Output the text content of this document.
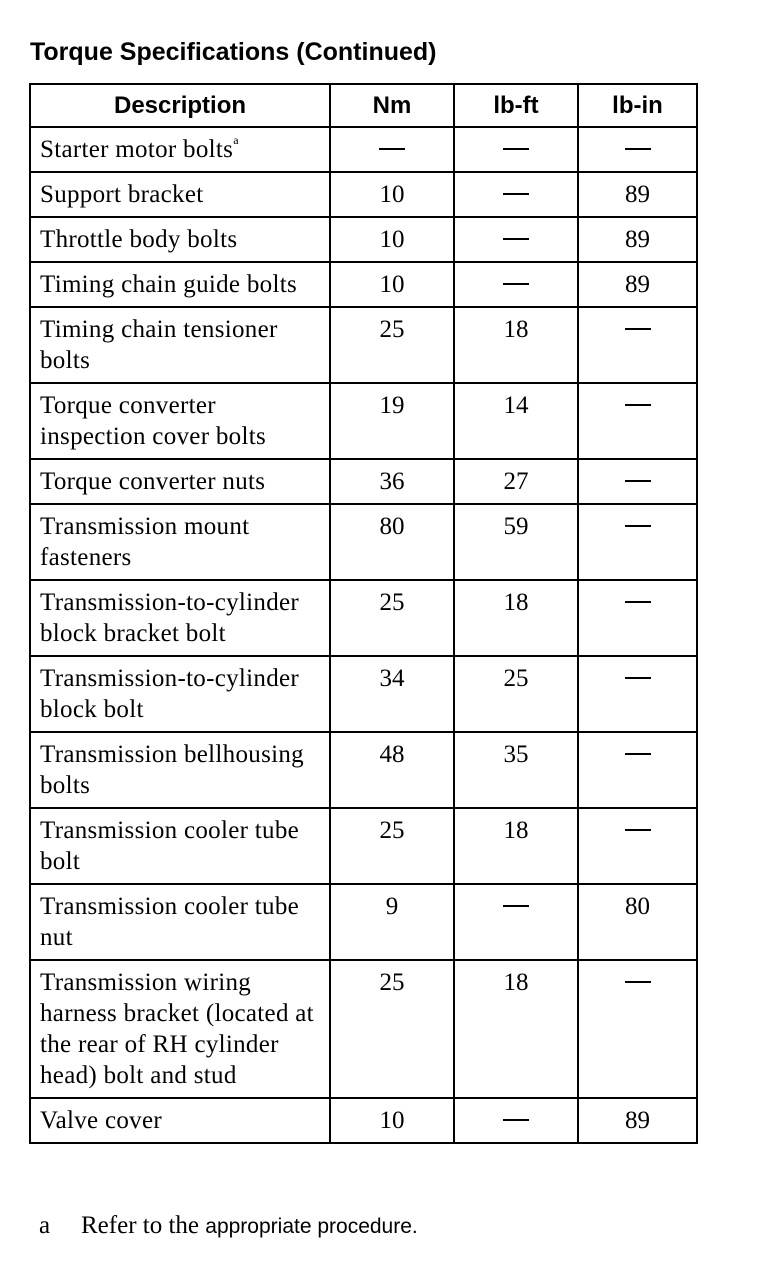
Torque Specifications (Continued)
Description	Nm	lb-ft	lb-in
Starter motor bolts$^a$			
Support bracket	10		89
Throttle body bolts	10		89
Timing chain guide bolts	10		89
Timing chain tensioner bolts	25	18	
Torque converter inspection cover bolts	19	14	
Torque converter nuts	36	27	
Transmission mount fasteners	80	59	
Transmission-to-cylinder block bracket bolt	25	18	
Transmission-to-cylinder block bolt	34	25	
Transmission bellhousing bolts	48	35	
Transmission cooler tube bolt	25	18	
Transmission cooler tube nut	9		80
Transmission wiring harness bracket (located at the rear of RH cylinder head) bolt and stud	25	18	
Valve cover	10		89
a Refer to the appropriate procedure.
